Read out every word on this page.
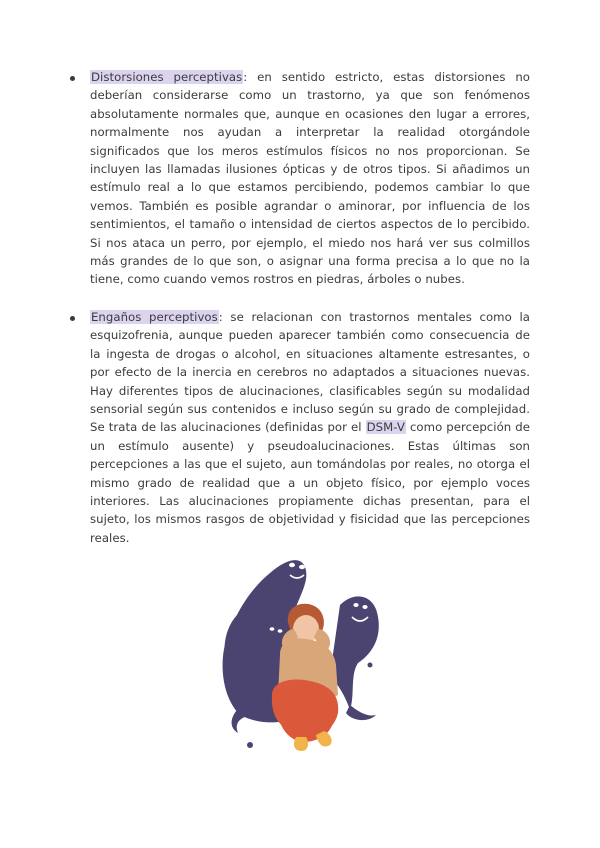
Distorsiones perceptivas: en sentido estricto, estas distorsiones no deberían considerarse como un trastorno, ya que son fenómenos absolutamente normales que, aunque en ocasiones den lugar a errores, normalmente nos ayudan a interpretar la realidad otorgándole significados que los meros estímulos físicos no nos proporcionan. Se incluyen las llamadas ilusiones ópticas y de otros tipos. Si añadimos un estímulo real a lo que estamos percibiendo, podemos cambiar lo que vemos. También es posible agrandar o aminorar, por influencia de los sentimientos, el tamaño o intensidad de ciertos aspectos de lo percibido. Si nos ataca un perro, por ejemplo, el miedo nos hará ver sus colmillos más grandes de lo que son, o asignar una forma precisa a lo que no la tiene, como cuando vemos rostros en piedras, árboles o nubes.

Engaños perceptivos: se relacionan con trastornos mentales como la esquizofrenia, aunque pueden aparecer también como consecuencia de la ingesta de drogas o alcohol, en situaciones altamente estresantes, o por efecto de la inercia en cerebros no adaptados a situaciones nuevas. Hay diferentes tipos de alucinaciones, clasificables según su modalidad sensorial según sus contenidos e incluso según su grado de complejidad. Se trata de las alucinaciones (definidas por el DSM-V como percepción de un estímulo ausente) y pseudoalucinaciones. Estas últimas son percepciones a las que el sujeto, aun tomándolas por reales, no otorga el mismo grado de realidad que a un objeto físico, por ejemplo voces interiores. Las alucinaciones propiamente dichas presentan, para el sujeto, los mismos rasgos de objetividad y fisicidad que las percepciones reales.
